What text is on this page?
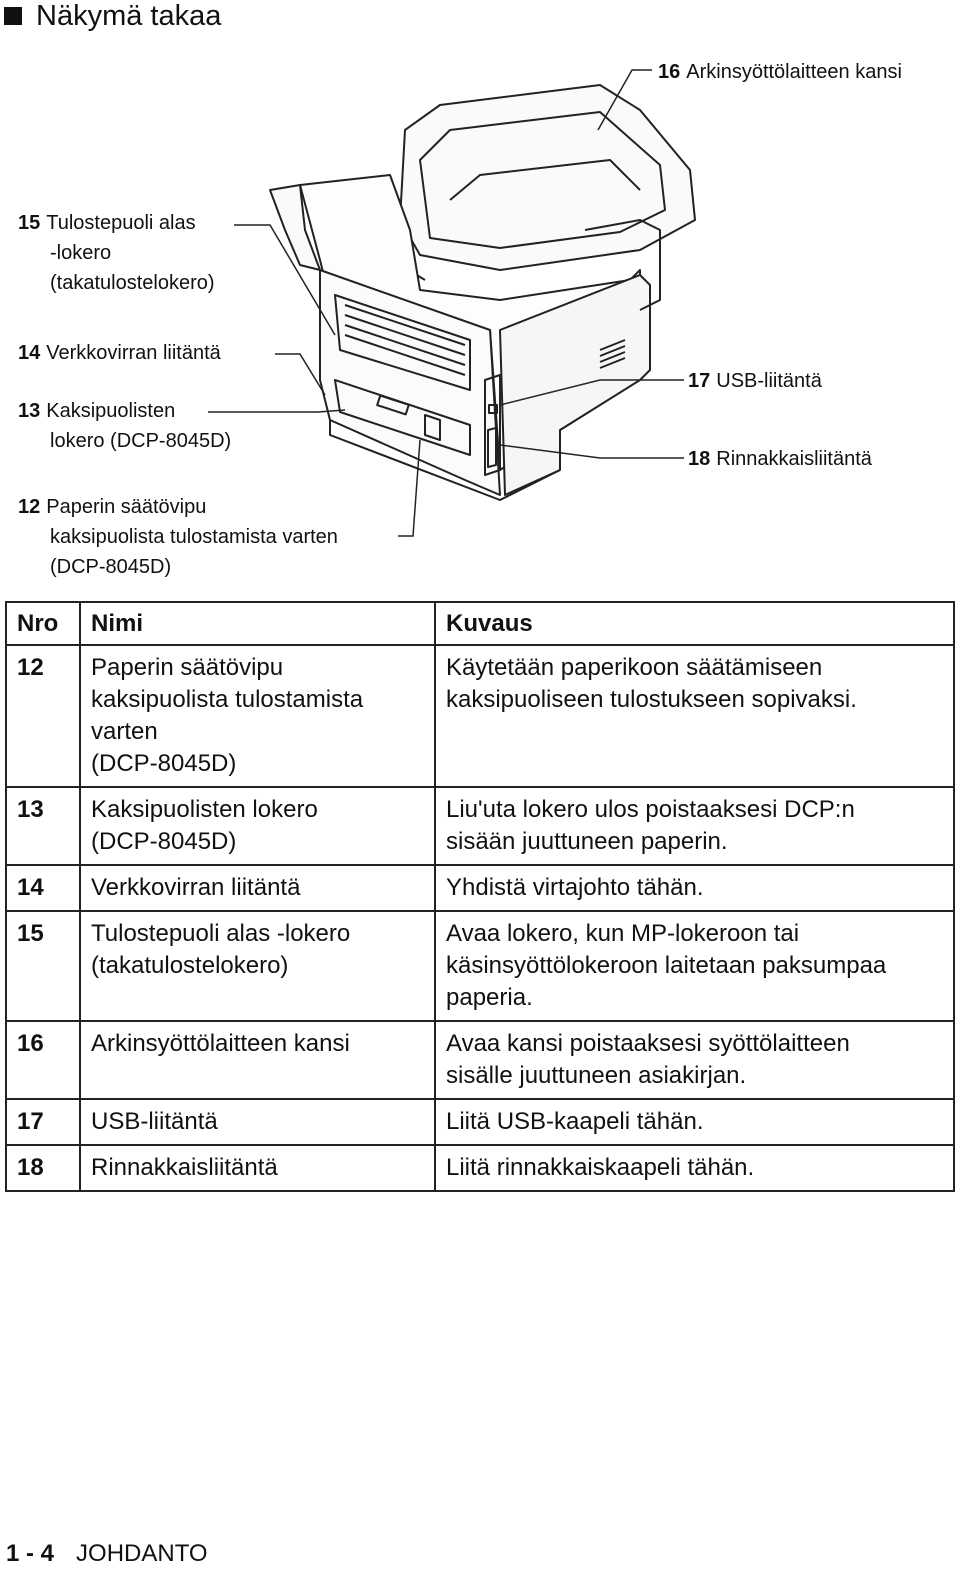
Näkymä takaa
16 Arkinsyöttölaitteen kansi
15 Tulostepuoli alas
-lokero
(takatulostelokero)
14 Verkkovirran liitäntä
13 Kaksipuolisten
lokero (DCP-8045D)
12 Paperin säätövipu
kaksipuolista tulostamista varten
(DCP-8045D)
17 USB-liitäntä
18 Rinnakkaisliitäntä
Nro	Nimi	Kuvaus
12	Paperin säätövipu
kaksipuolista tulostamista
varten
(DCP-8045D)	Käytetään paperikoon säätämiseen
kaksipuoliseen tulostukseen sopivaksi.
13	Kaksipuolisten lokero
(DCP-8045D)	Liu'uta lokero ulos poistaaksesi DCP:n
sisään juuttuneen paperin.
14	Verkkovirran liitäntä	Yhdistä virtajohto tähän.
15	Tulostepuoli alas -lokero
(takatulostelokero)	Avaa lokero, kun MP-lokeroon tai
käsinsyöttölokeroon laitetaan paksumpaa
paperia.
16	Arkinsyöttölaitteen kansi	Avaa kansi poistaaksesi syöttölaitteen
sisälle juuttuneen asiakirjan.
17	USB-liitäntä	Liitä USB-kaapeli tähän.
18	Rinnakkaisliitäntä	Liitä rinnakkaiskaapeli tähän.
1 - 4 JOHDANTO
